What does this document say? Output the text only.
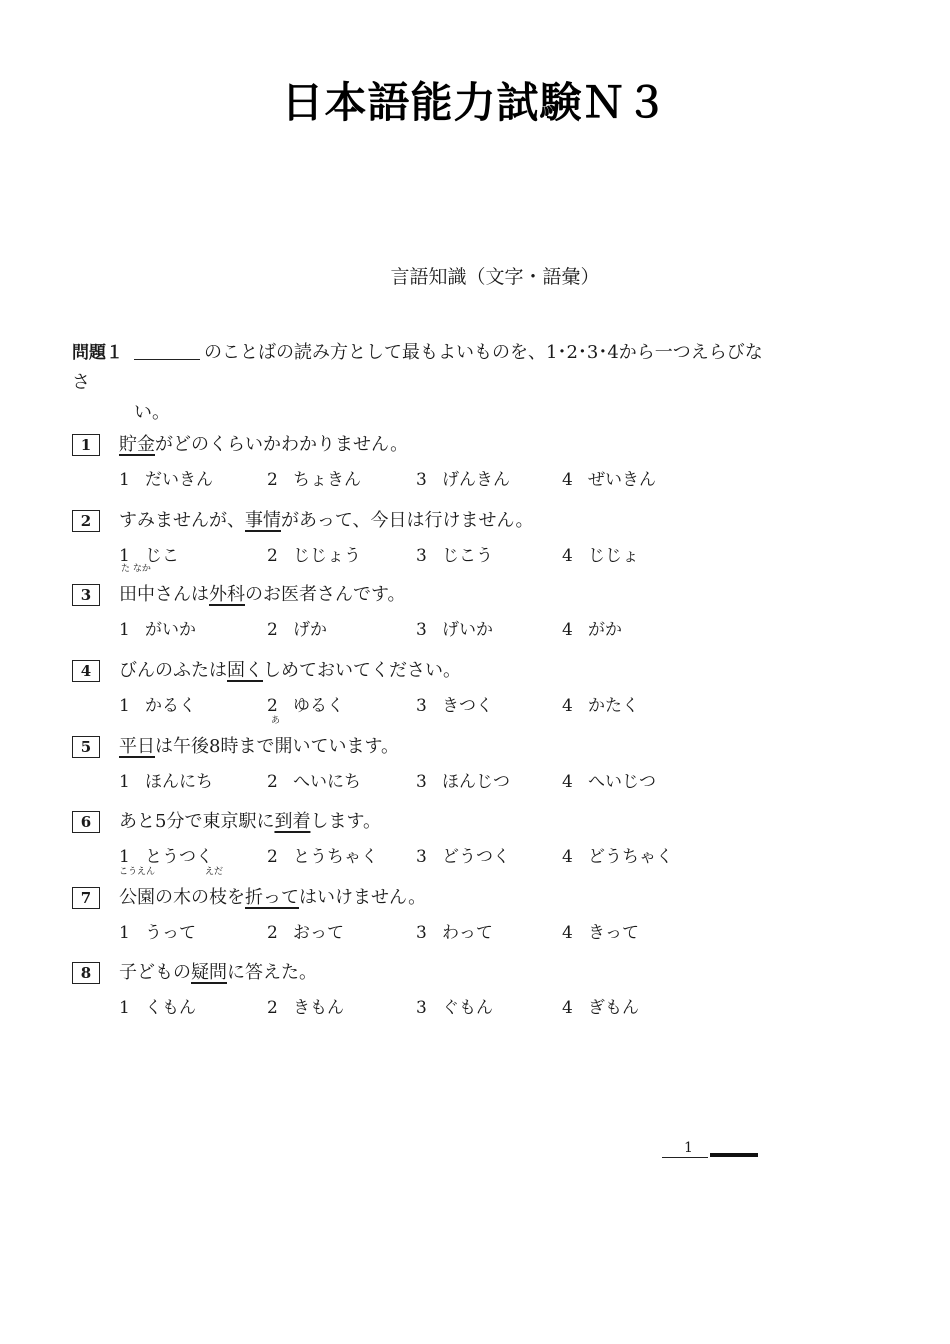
日本語能力試験Ｎ３
言語知識（文字・語彙）
問題１	のことばの読み方として最もよいものを、1･2･3･4から一つえらびなさ
い。
1	貯金がどのくらいかわかりません。
1 だいきん	2 ちょきん	3 げんきん	4 ぜいきん
2	すみませんが、事情があって、今日は行けません。
1 じこ	2 じじょう	3 じこう	4 じじょ
3
た なか
田中さんは外科のお医者さんです。
1 がいか	2 げか	3 げいか	4 がか
4	びんのふたは固くしめておいてください。
1 かるく	2 ゆるく	3 きつく	4 かたく
5
あ
平日は午後8時まで開いています。
1 ほんにち	2 へいにち	3 ほんじつ	4 へいじつ
6	あと5分で東京駅に到着します。
1 とうつく	2 とうちゃく 3 どうつく	4 どうちゃく
7
こうえん	えだ
公園の木の枝を折ってはいけません。
1 うって	2 おって	3 わって	4 きって
8	子どもの疑問に答えた。
1 くもん	2 きもん	3 ぐもん	4 ぎもん
1
